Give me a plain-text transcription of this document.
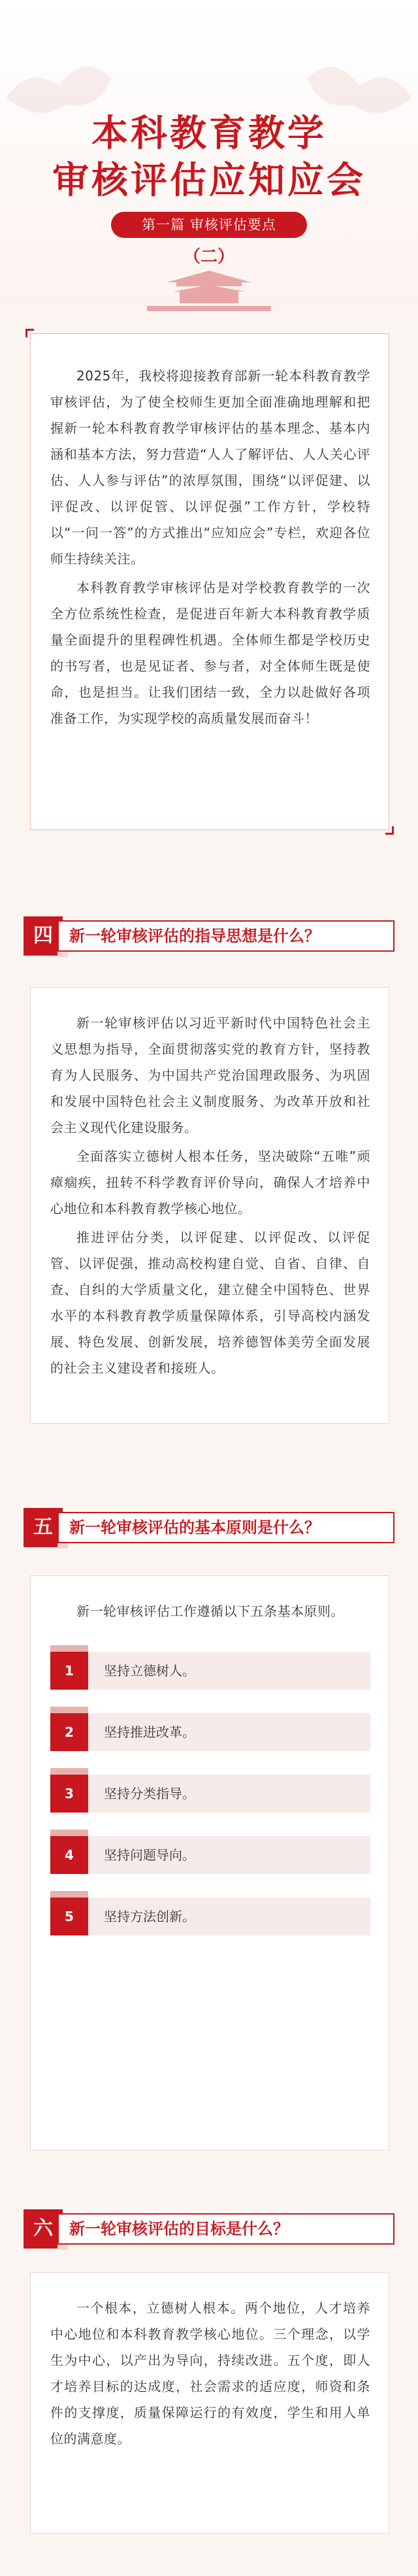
本科教育教学
审核评估应知应会
第一篇 审核评估要点
（二）

2025年，我校将迎接教育部新一轮本科教育教学审核评估，为了使全校师生更加全面准确地理解和把握新一轮本科教育教学审核评估的基本理念、基本内涵和基本方法，努力营造“人人了解评估、人人关心评估、人人参与评估”的浓厚氛围，围绕“以评促建、以评促改、以评促管、以评促强”工作方针，学校特以“一问一答”的方式推出“应知应会”专栏，欢迎各位师生持续关注。

本科教育教学审核评估是对学校教育教学的一次全方位系统性检查，是促进百年新大本科教育教学质量全面提升的里程碑性机遇。全体师生都是学校历史的书写者，也是见证者、参与者，对全体师生既是使命，也是担当。让我们团结一致，全力以赴做好各项准备工作，为实现学校的高质量发展而奋斗！

四	新一轮审核评估的指导思想是什么？

新一轮审核评估以习近平新时代中国特色社会主义思想为指导，全面贯彻落实党的教育方针，坚持教育为人民服务、为中国共产党治国理政服务、为巩固和发展中国特色社会主义制度服务、为改革开放和社会主义现代化建设服务。

全面落实立德树人根本任务，坚决破除“五唯”顽瘴痼疾，扭转不科学教育评价导向，确保人才培养中心地位和本科教育教学核心地位。

推进评估分类，以评促建、以评促改、以评促管、以评促强，推动高校构建自觉、自省、自律、自查、自纠的大学质量文化，建立健全中国特色、世界水平的本科教育教学质量保障体系，引导高校内涵发展、特色发展、创新发展，培养德智体美劳全面发展的社会主义建设者和接班人。

五	新一轮审核评估的基本原则是什么？

新一轮审核评估工作遵循以下五条基本原则。

1	坚持立德树人。
2	坚持推进改革。
3	坚持分类指导。
4	坚持问题导向。
5	坚持方法创新。
六	新一轮审核评估的目标是什么？

一个根本，立德树人根本。两个地位，人才培养中心地位和本科教育教学核心地位。三个理念，以学生为中心，以产出为导向，持续改进。五个度，即人才培养目标的达成度，社会需求的适应度，师资和条件的支撑度，质量保障运行的有效度，学生和用人单位的满意度。
